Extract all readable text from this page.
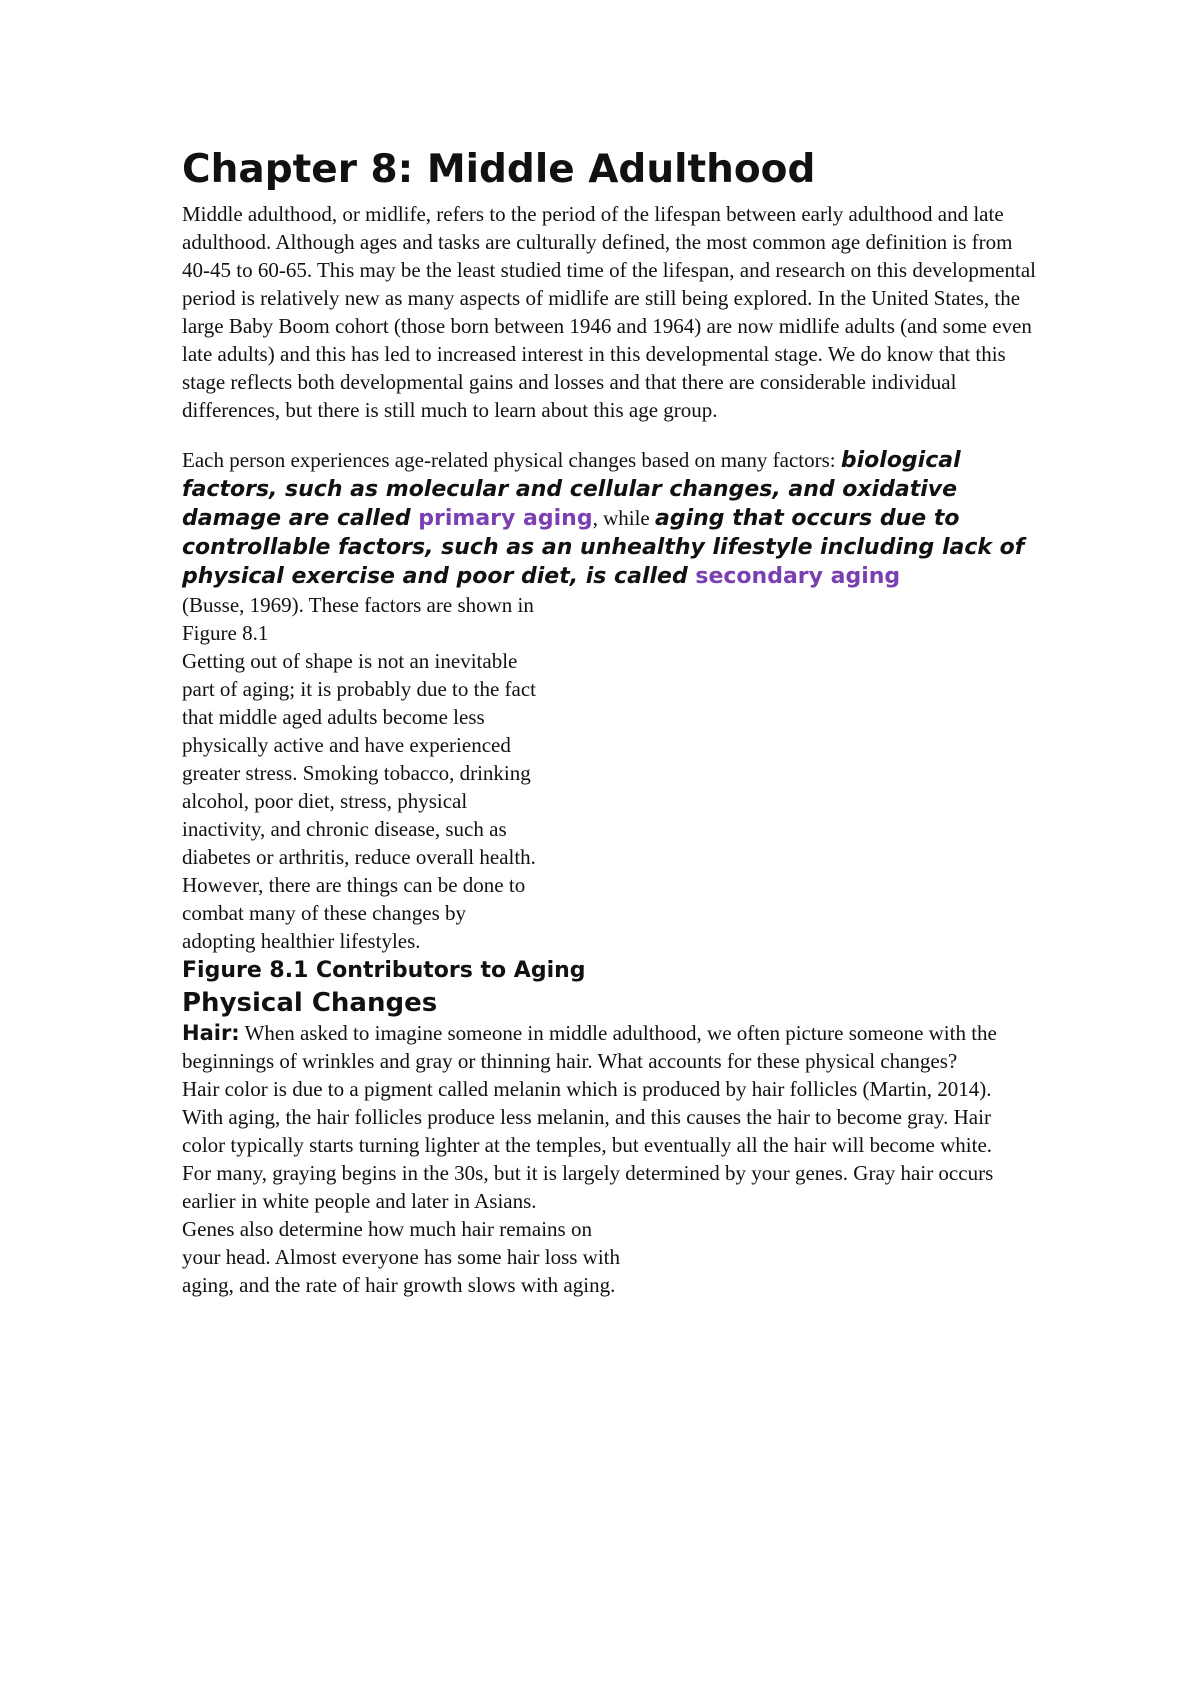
Chapter 8: Middle Adulthood

Middle adulthood, or midlife, refers to the period of the lifespan between early adulthood and late adulthood. Although ages and tasks are culturally defined, the most common age definition is from 40-45 to 60-65. This may be the least studied time of the lifespan, and research on this developmental period is relatively new as many aspects of midlife are still being explored. In the United States, the large Baby Boom cohort (those born between 1946 and 1964) are now midlife adults (and some even late adults) and this has led to increased interest in this developmental stage. We do know that this stage reflects both developmental gains and losses and that there are considerable individual differences, but there is still much to learn about this age group.

Each person experiences age-related physical changes based on many factors: biological factors, such as molecular and cellular changes, and oxidative damage are called primary aging, while aging that occurs due to controllable factors, such as an unhealthy lifestyle including lack of physical exercise and poor diet, is called secondary aging

(Busse, 1969). These factors are shown in Figure 8.1

Getting out of shape is not an inevitable part of aging; it is probably due to the fact that middle aged adults become less physically active and have experienced greater stress. Smoking tobacco, drinking alcohol, poor diet, stress, physical inactivity, and chronic disease, such as diabetes or arthritis, reduce overall health. However, there are things can be done to combat many of these changes by adopting healthier lifestyles.

Figure 8.1 Contributors to Aging

Physical Changes

Hair: When asked to imagine someone in middle adulthood, we often picture someone with the beginnings of wrinkles and gray or thinning hair. What accounts for these physical changes?

Hair color is due to a pigment called melanin which is produced by hair follicles (Martin, 2014).

With aging, the hair follicles produce less melanin, and this causes the hair to become gray. Hair

color typically starts turning lighter at the temples, but eventually all the hair will become white.

For many, graying begins in the 30s, but it is largely determined by your genes. Gray hair occurs

earlier in white people and later in Asians.

Genes also determine how much hair remains on

your head. Almost everyone has some hair loss with

aging, and the rate of hair growth slows with aging.
